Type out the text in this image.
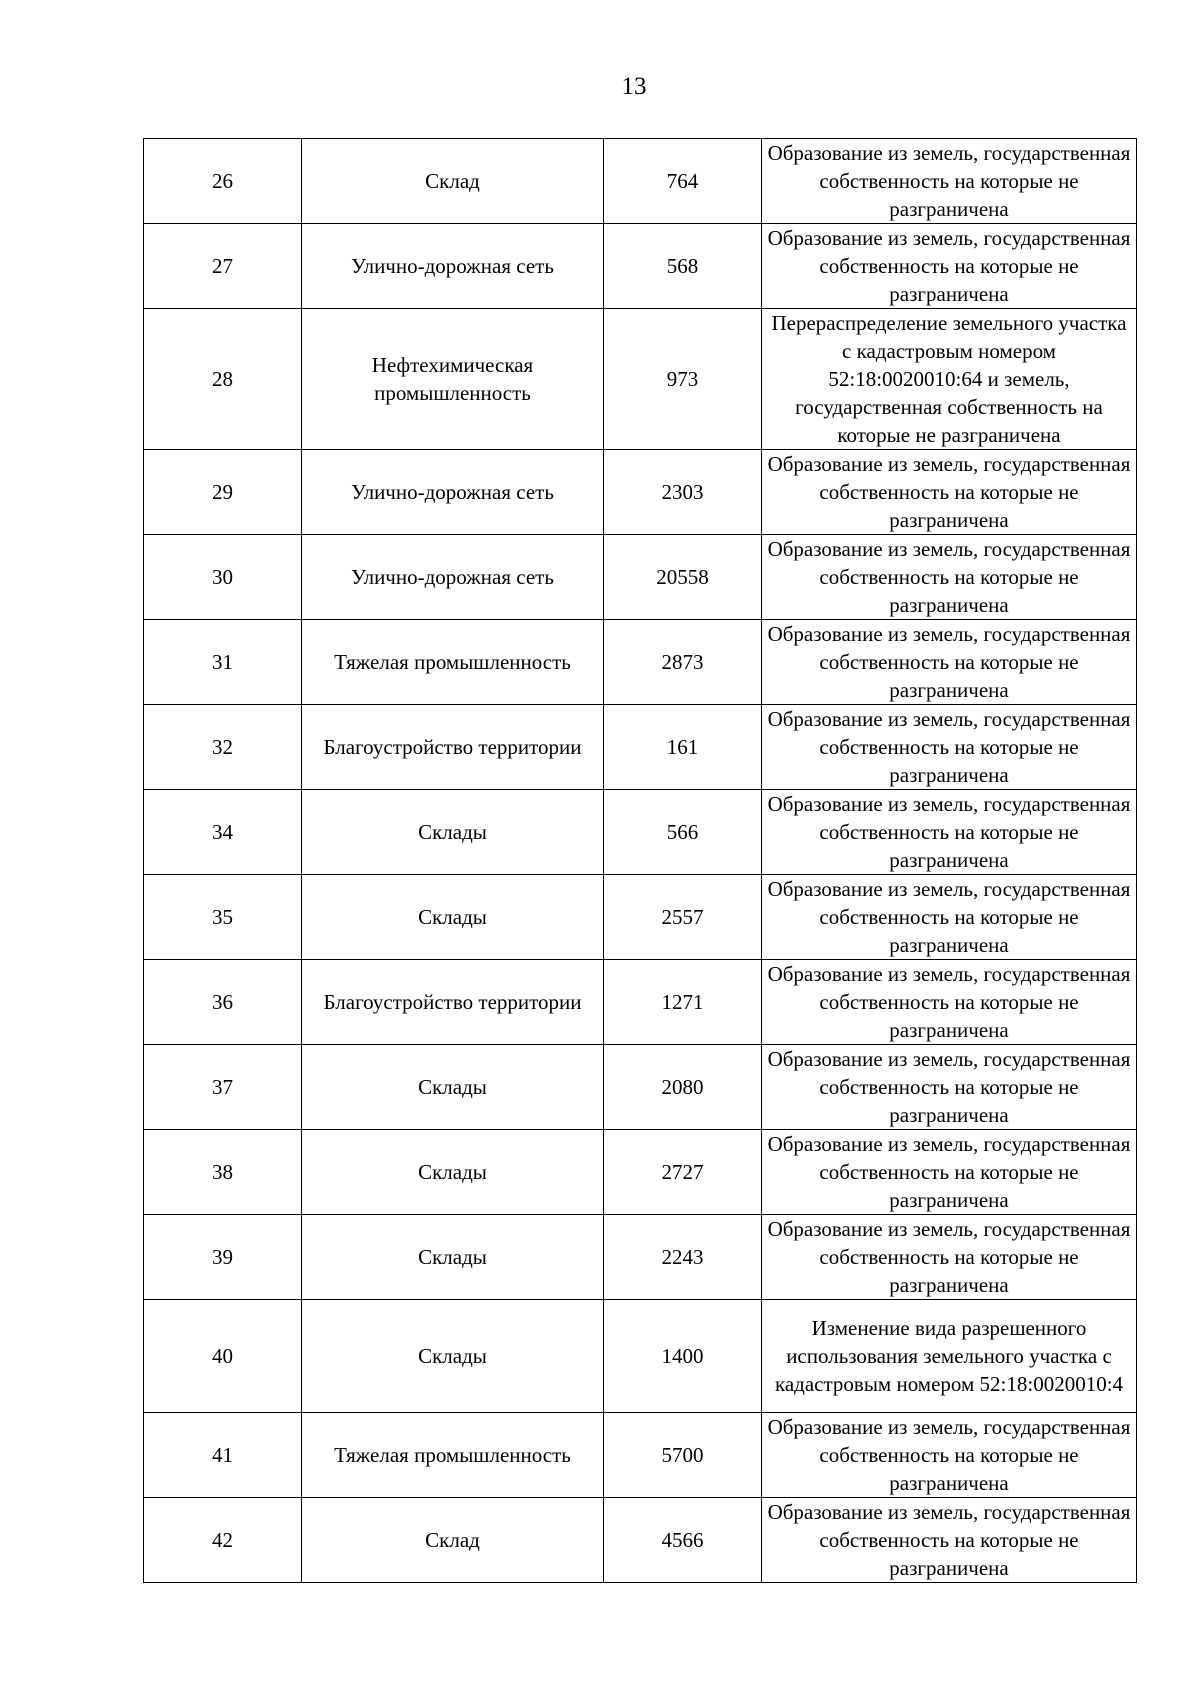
13
26	Склад	764	Образование из земель, государственная собственность на которые не разграничена
27	Улично-дорожная сеть	568	Образование из земель, государственная собственность на которые не разграничена
28	Нефтехимическая промышленность	973	Перераспределение земельного участка с кадастровым номером 52:18:0020010:64 и земель, государственная собственность на которые не разграничена
29	Улично-дорожная сеть	2303	Образование из земель, государственная собственность на которые не разграничена
30	Улично-дорожная сеть	20558	Образование из земель, государственная собственность на которые не разграничена
31	Тяжелая промышленность	2873	Образование из земель, государственная собственность на которые не разграничена
32	Благоустройство территории	161	Образование из земель, государственная собственность на которые не разграничена
34	Склады	566	Образование из земель, государственная собственность на которые не разграничена
35	Склады	2557	Образование из земель, государственная собственность на которые не разграничена
36	Благоустройство территории	1271	Образование из земель, государственная собственность на которые не разграничена
37	Склады	2080	Образование из земель, государственная собственность на которые не разграничена
38	Склады	2727	Образование из земель, государственная собственность на которые не разграничена
39	Склады	2243	Образование из земель, государственная собственность на которые не разграничена
40	Склады	1400	Изменение вида разрешенного использования земельного участка с кадастровым номером 52:18:0020010:4
41	Тяжелая промышленность	5700	Образование из земель, государственная собственность на которые не разграничена
42	Склад	4566	Образование из земель, государственная собственность на которые не разграничена
